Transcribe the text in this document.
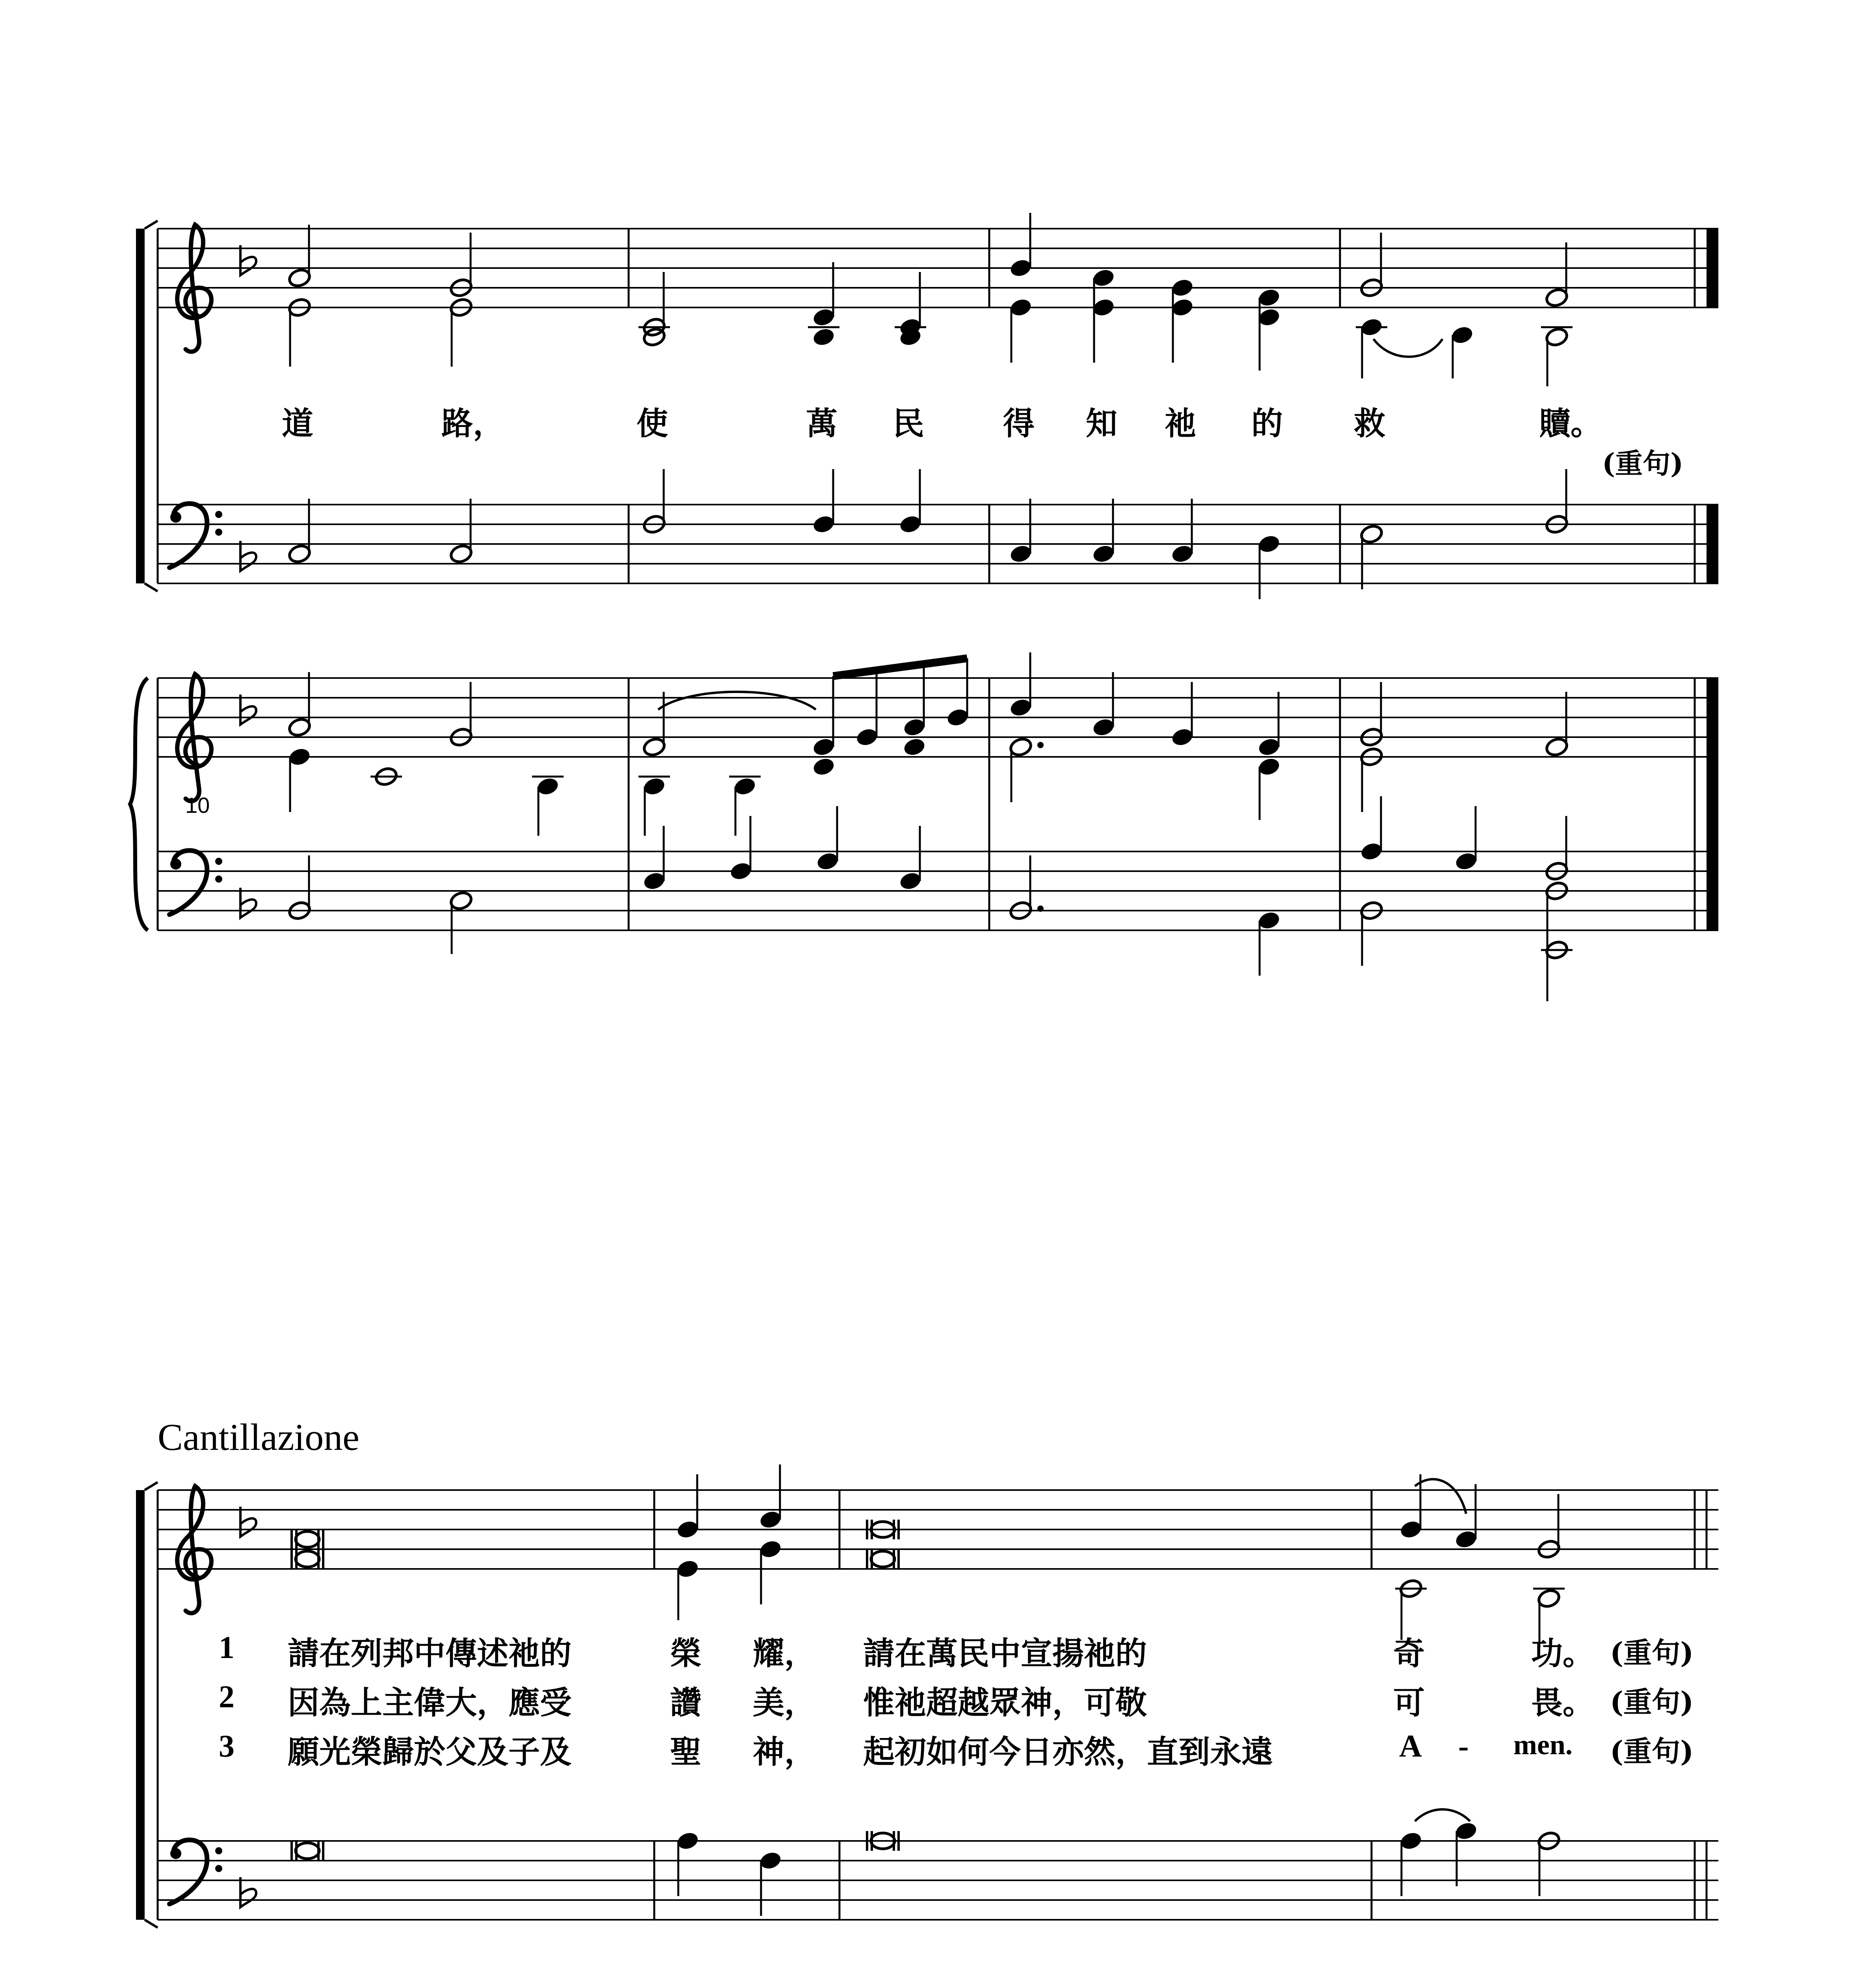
道	路，	使	萬 民	得 知 祂 的 救	贖。
(重句)
10
Cantillazione
1 請在列邦中傳述祂的	榮 耀， 請在萬民中宣揚祂的	奇	功。 (重句)
2 因為上主偉大，應受	讚 美， 惟祂超越眾神，可敬	可	畏。 (重句)
3 願光榮歸於父及子及	聖 神， 起初如何今日亦然，直到永遠	A - men. (重句)
